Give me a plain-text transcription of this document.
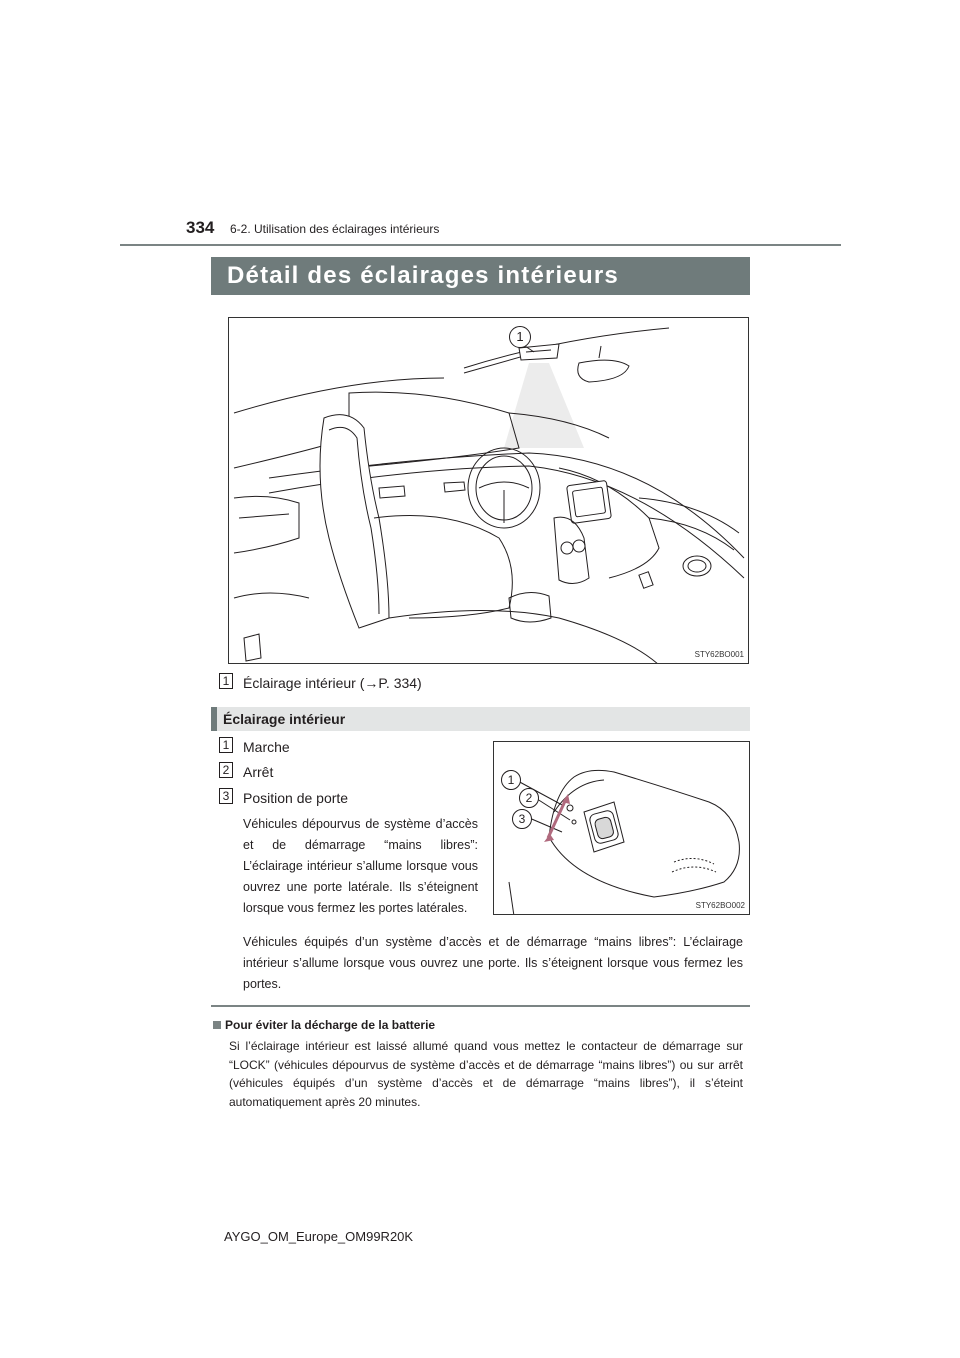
334 6-2. Utilisation des éclairages intérieurs
Détail des éclairages intérieurs
STY62BO001
1
1 Éclairage intérieur (→P. 334)
Éclairage intérieur
1 Marche
2 Arrêt
3 Position de porte
Véhicules dépourvus de système d’accès et de démarrage “mains libres”: L’éclairage intérieur s’allume lorsque vous ouvrez une porte latérale. Ils s’éteignent lorsque vous fermez les portes latérales.
Véhicules équipés d’un système d’accès et de démarrage “mains libres”: L’éclairage intérieur s’allume lorsque vous ouvrez une porte. Ils s’éteignent lorsque vous fermez les portes.
1
2
3
STY62BO002
Pour éviter la décharge de la batterie
Si l’éclairage intérieur est laissé allumé quand vous mettez le contacteur de démarrage sur “LOCK” (véhicules dépourvus de système d’accès et de démarrage “mains libres”) ou sur arrêt (véhicules équipés d’un système d’accès et de démarrage “mains libres”), il s’éteint automatiquement après 20 minutes.
AYGO_OM_Europe_OM99R20K
